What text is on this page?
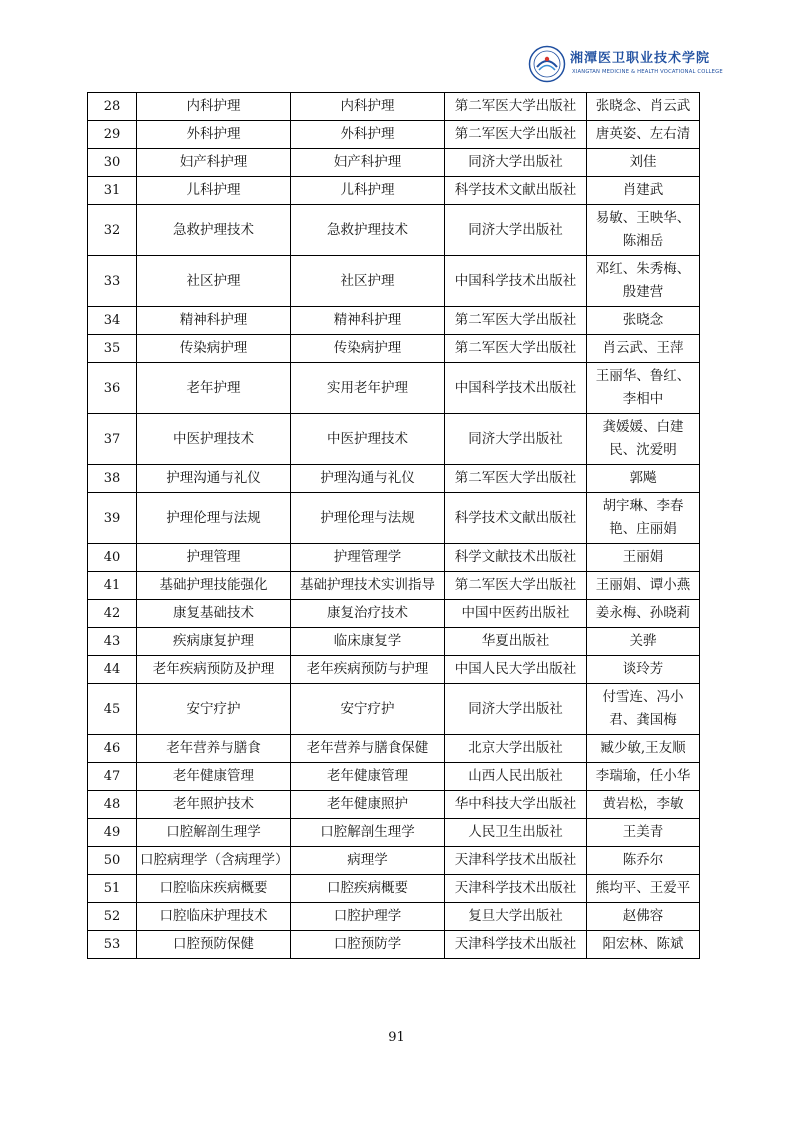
湘潭医卫职业技术学院
XIANGTAN MEDICINE & HEALTH VOCATIONAL COLLEGE
28	内科护理	内科护理	第二军医大学出版社	张晓念、肖云武
29	外科护理	外科护理	第二军医大学出版社	唐英姿、左右清
30	妇产科护理	妇产科护理	同济大学出版社	刘佳
31	儿科护理	儿科护理	科学技术文献出版社	肖建武
32	急救护理技术	急救护理技术	同济大学出版社	易敏、王映华、陈湘岳
33	社区护理	社区护理	中国科学技术出版社	邓红、朱秀梅、殷建营
34	精神科护理	精神科护理	第二军医大学出版社	张晓念
35	传染病护理	传染病护理	第二军医大学出版社	肖云武、王萍
36	老年护理	实用老年护理	中国科学技术出版社	王丽华、鲁红、李相中
37	中医护理技术	中医护理技术	同济大学出版社	龚媛媛、白建民、沈爱明
38	护理沟通与礼仪	护理沟通与礼仪	第二军医大学出版社	郭飚
39	护理伦理与法规	护理伦理与法规	科学技术文献出版社	胡宇琳、李春艳、庄丽娟
40	护理管理	护理管理学	科学文献技术出版社	王丽娟
41	基础护理技能强化	基础护理技术实训指导	第二军医大学出版社	王丽娟、谭小燕
42	康复基础技术	康复治疗技术	中国中医药出版社	姜永梅、孙晓莉
43	疾病康复护理	临床康复学	华夏出版社	关骅
44	老年疾病预防及护理	老年疾病预防与护理	中国人民大学出版社	谈玲芳
45	安宁疗护	安宁疗护	同济大学出版社	付雪连、冯小君、龚国梅
46	老年营养与膳食	老年营养与膳食保健	北京大学出版社	臧少敏,王友顺
47	老年健康管理	老年健康管理	山西人民出版社	李瑞瑜，任小华
48	老年照护技术	老年健康照护	华中科技大学出版社	黄岩松，李敏
49	口腔解剖生理学	口腔解剖生理学	人民卫生出版社	王美青
50	口腔病理学（含病理学）	病理学	天津科学技术出版社	陈乔尔
51	口腔临床疾病概要	口腔疾病概要	天津科学技术出版社	熊均平、王爱平
52	口腔临床护理技术	口腔护理学	复旦大学出版社	赵佛容
53	口腔预防保健	口腔预防学	天津科学技术出版社	阳宏林、陈斌
91
